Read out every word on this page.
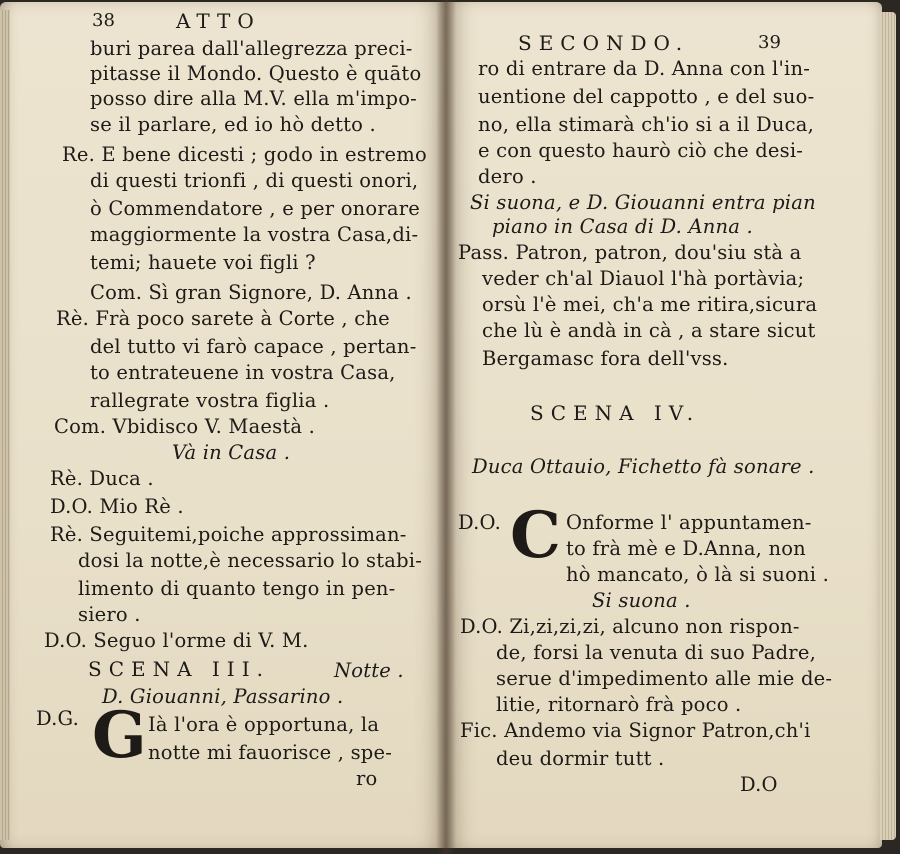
38	ATTO
buri parea dall'allegrezza preci-
pitasse il Mondo. Questo è quāto
posso dire alla M.V. ella m'impo-
se il parlare, ed io hò detto .
Re. E bene dicesti ; godo in estremo
di questi trionfi , di questi onori,
ò Commendatore , e per onorare
maggiormente la vostra Casa,di-
temi; hauete voi figli ?
Com. Sì gran Signore, D. Anna .
Rè. Frà poco sarete à Corte , che
del tutto vi farò capace , pertan-
to entrateuene in vostra Casa,
rallegrate vostra figlia .
Com. Vbidisco V. Maestà .
Và in Casa .
Rè. Duca .
D.O. Mio Rè .
Rè. Seguitemi,poiche approssiman-
dosi la notte,è necessario lo stabi-
limento di quanto tengo in pen-
siero .
D.O. Seguo l'orme di V. M.
SCENA III.	Notte .
D. Giouanni, Passarino .
D.G. G Ià l'ora è opportuna, la
notte mi fauorisce , spe-
ro
SECONDO.	39
ro di entrare da D. Anna con l'in-
uentione del cappotto , e del suo-
no, ella stimarà ch'io si a il Duca,
e con questo haurò ciò che desi-
dero .
Si suona, e D. Giouanni entra pian
piano in Casa di D. Anna .
Pass. Patron, patron, dou'siu stà a
veder ch'al Diauol l'hà portàvia;
orsù l'è mei, ch'a me ritira,sicura
che lù è andà in cà , a stare sicut
Bergamasc fora dell'vss.
SCENA IV.
Duca Ottauio, Fichetto fà sonare .
D.O. C Onforme l' appuntamen-
to frà mè e D.Anna, non
hò mancato, ò là si suoni .
Si suona .
D.O. Zi,zi,zi,zi, alcuno non rispon-
de, forsi la venuta di suo Padre,
serue d'impedimento alle mie de-
litie, ritornarò frà poco .
Fic. Andemo via Signor Patron,ch'i
deu dormir tutt .
D.O
